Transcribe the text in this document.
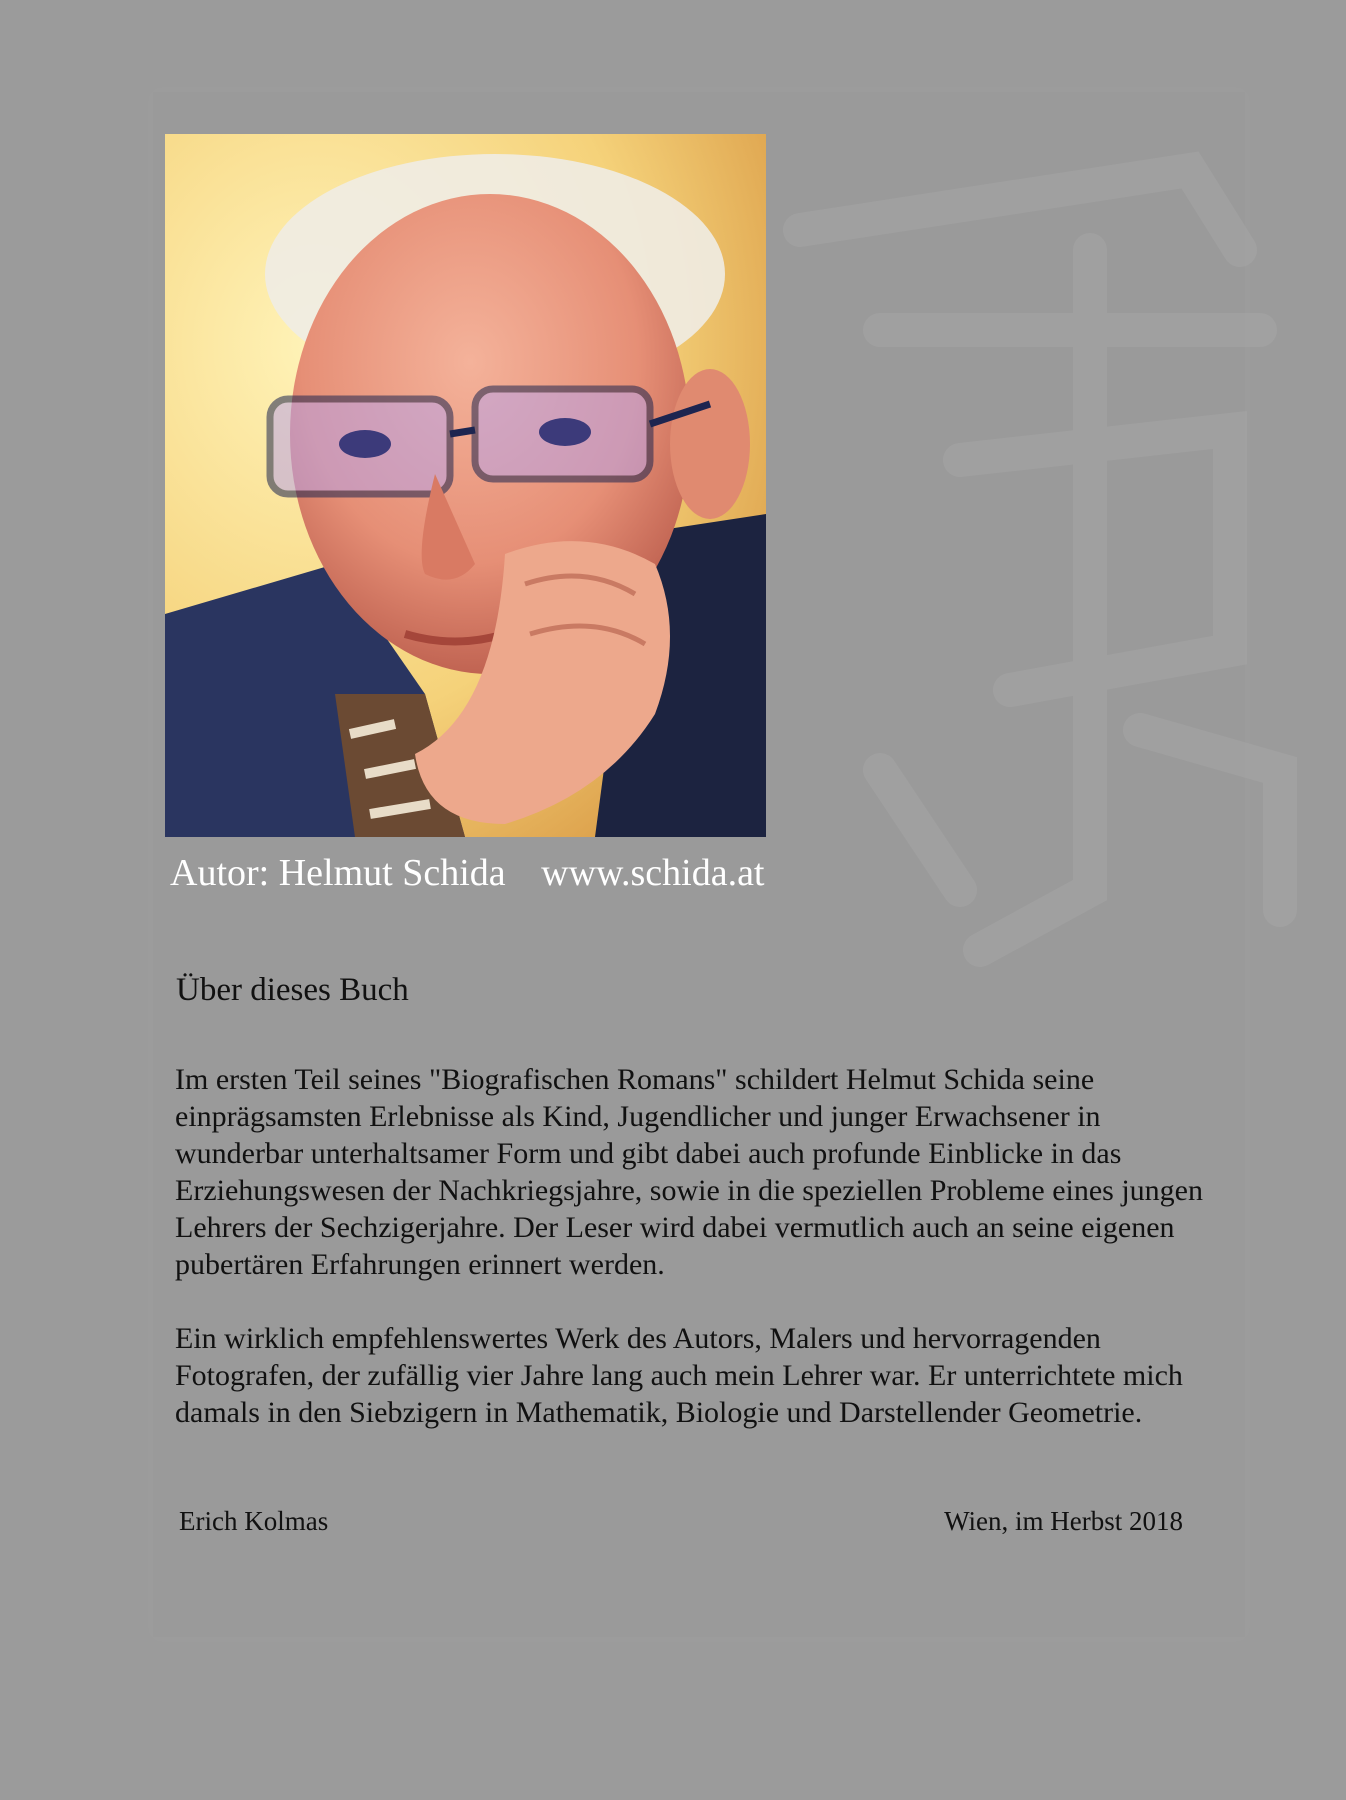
Autor: Helmut Schida www.schida.at
Über dieses Buch

Im ersten Teil seines "Biografischen Romans" schildert Helmut Schida seine einprägsamsten Erlebnisse als Kind, Jugendlicher und junger Erwachsener in wunderbar unterhaltsamer Form und gibt dabei auch profunde Einblicke in das Erziehungswesen der Nachkriegsjahre, sowie in die speziellen Probleme eines jungen Lehrers der Sechzigerjahre. Der Leser wird dabei vermutlich auch an seine eigenen pubertären Erfahrungen erinnert werden.

Ein wirklich empfehlenswertes Werk des Autors, Malers und hervorragenden Fotografen, der zufällig vier Jahre lang auch mein Lehrer war. Er unterrichtete mich damals in den Siebzigern in Mathematik, Biologie und Darstellender Geometrie.

Erich Kolmas	Wien, im Herbst 2018
